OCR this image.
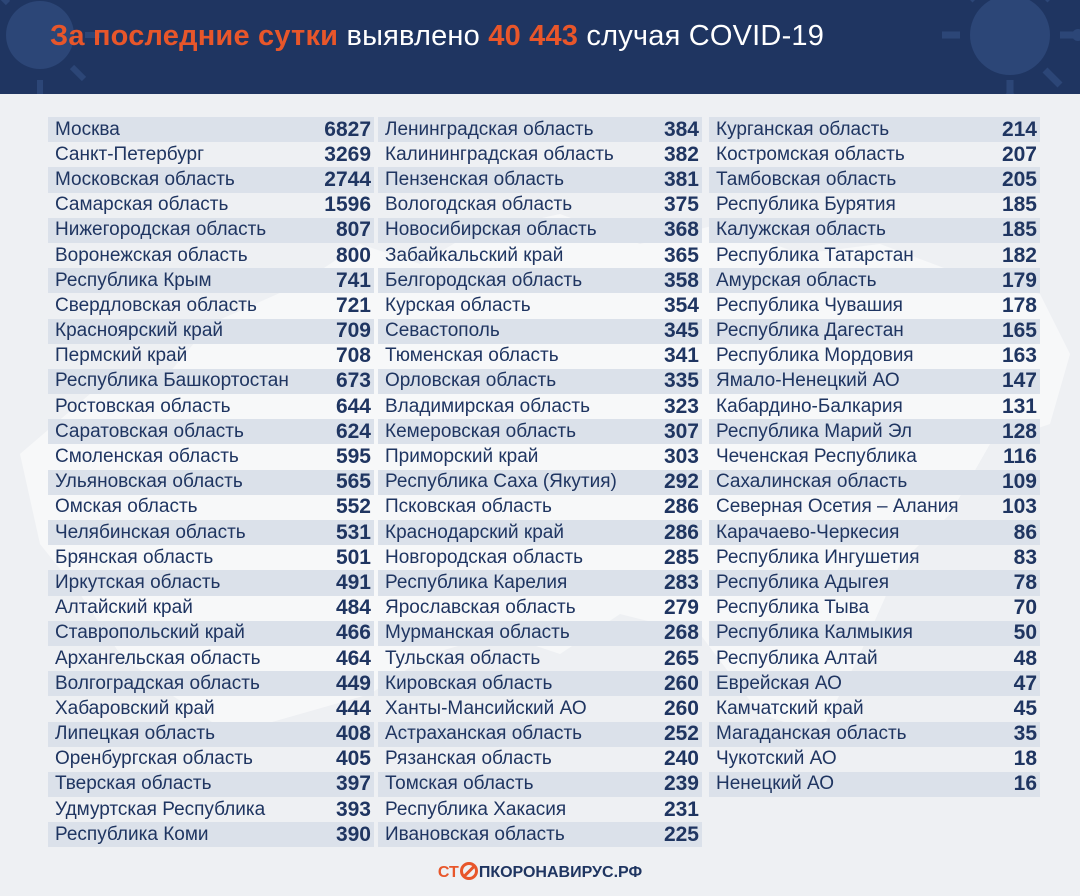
За последние сутки выявлено 40 443 случая COVID-19
Москва	6827
Санкт-Петербург	3269
Московская область	2744
Самарская область	1596
Нижегородская область	807
Воронежская область	800
Республика Крым	741
Свердловская область	721
Красноярский край	709
Пермский край	708
Республика Башкортостан 673
Ростовская область	644
Саратовская область	624
Смоленская область	595
Ульяновская область	565
Омская область	552
Челябинская область	531
Брянская область	501
Иркутская область	491
Алтайский край	484
Ставропольский край	466
Архангельская область	464
Волгоградская область	449
Хабаровский край	444
Липецкая область	408
Оренбургская область	405
Тверская область	397
Удмуртская Республика	393
Республика Коми	390
Ленинградская область	384
Калининградская область 382
Пензенская область	381
Вологодская область	375
Новосибирская область	368
Забайкальский край	365
Белгородская область	358
Курская область	354
Севастополь	345
Тюменская область	341
Орловская область	335
Владимирская область	323
Кемеровская область	307
Приморский край	303
Республика Саха (Якутия) 292
Псковская область	286
Краснодарский край	286
Новгородская область	285
Республика Карелия	283
Ярославская область	279
Мурманская область	268
Тульская область	265
Кировская область	260
Ханты-Мансийский АО	260
Астраханская область	252
Рязанская область	240
Томская область	239
Республика Хакасия	231
Ивановская область	225
Курганская область	214
Костромская область	207
Тамбовская область	205
Республика Бурятия	185
Калужская область	185
Республика Татарстан	182
Амурская область	179
Республика Чувашия	178
Республика Дагестан	165
Республика Мордовия	163
Ямало-Ненецкий АО	147
Кабардино-Балкария	131
Республика Марий Эл	128
Чеченская Республика	116
Сахалинская область	109
Северная Осетия – Алания 103
Карачаево-Черкесия	86
Республика Ингушетия	83
Республика Адыгея	78
Республика Тыва	70
Республика Калмыкия	50
Республика Алтай	48
Еврейская АО	47
Камчатский край	45
Магаданская область	35
Чукотский АО	18
Ненецкий АО	16
СТ ПКОРОНАВИРУС.РФ
